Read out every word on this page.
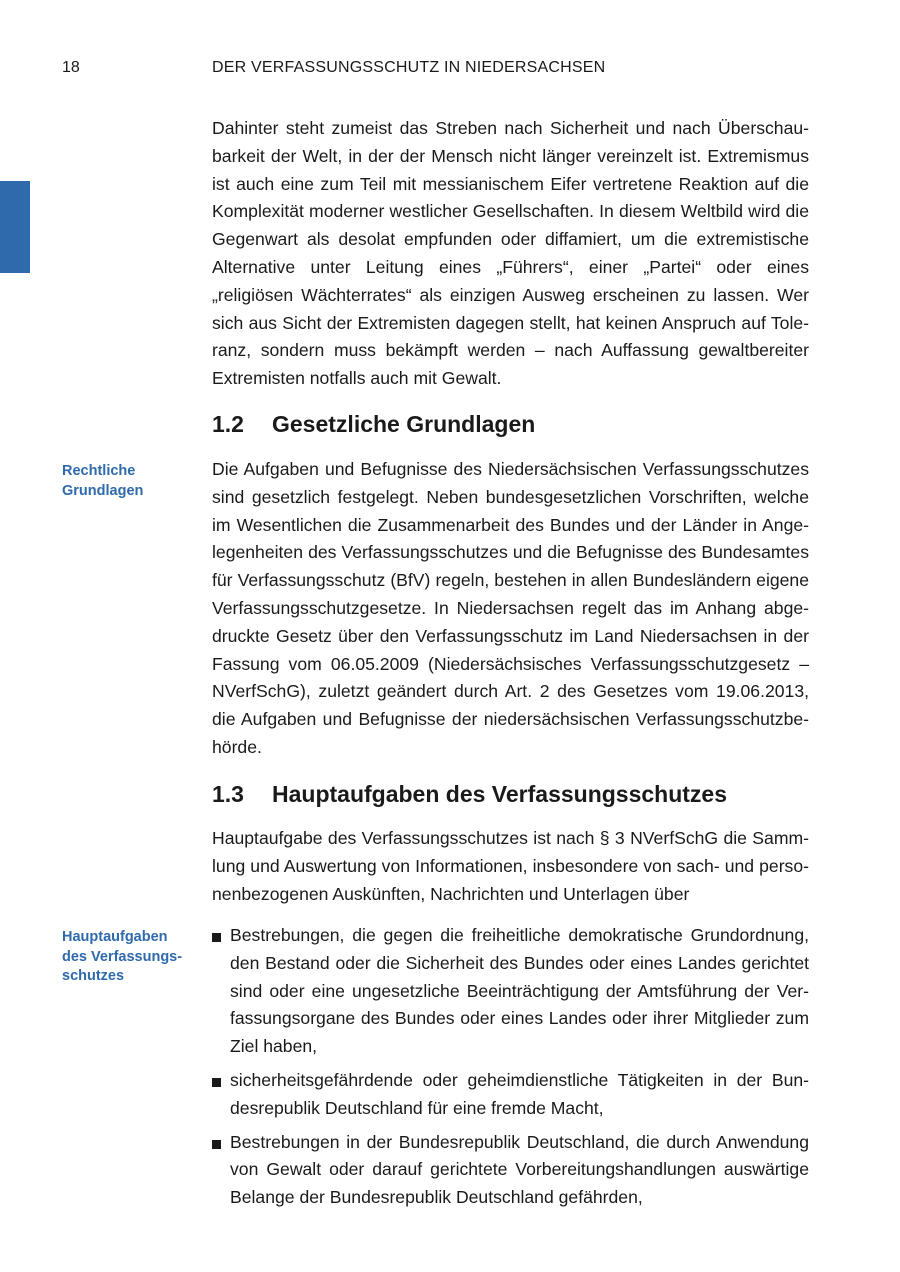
18	DER VERFASSUNGSSCHUTZ IN NIEDERSACHSEN

Dahinter steht zumeist das Streben nach Sicherheit und nach Überschaubarkeit der Welt, in der der Mensch nicht länger vereinzelt ist. Extremismus ist auch eine zum Teil mit messianischem Eifer vertretene Reaktion auf die Komplexität moderner westlicher Gesellschaften. In diesem Weltbild wird die Gegenwart als desolat empfunden oder diffamiert, um die extremistische Alternative unter Leitung eines „Führers“, einer „Partei“ oder eines „religiösen Wächterrates“ als einzigen Ausweg erscheinen zu lassen. Wer sich aus Sicht der Extremisten dagegen stellt, hat keinen Anspruch auf Toleranz, sondern muss bekämpft werden – nach Auffassung gewaltbereiter Extremisten notfalls auch mit Gewalt.

1.2	Gesetzliche Grundlagen
Rechtliche Grundlagen

Die Aufgaben und Befugnisse des Niedersächsischen Verfassungsschutzes sind gesetzlich festgelegt. Neben bundesgesetzlichen Vorschriften, welche im Wesentlichen die Zusammenarbeit des Bundes und der Länder in Angelegenheiten des Verfassungsschutzes und die Befugnisse des Bundesamtes für Verfassungsschutz (BfV) regeln, bestehen in allen Bundesländern eigene Verfassungsschutzgesetze. In Niedersachsen regelt das im Anhang abgedruckte Gesetz über den Verfassungsschutz im Land Niedersachsen in der Fassung vom 06.05.2009 (Niedersächsisches Verfassungsschutzgesetz – NVerfSchG), zuletzt geändert durch Art. 2 des Gesetzes vom 19.06.2013, die Aufgaben und Befugnisse der niedersächsischen Verfassungsschutzbehörde.

1.3	Hauptaufgaben des Verfassungsschutzes

Hauptaufgabe des Verfassungsschutzes ist nach § 3 NVerfSchG die Sammlung und Auswertung von Informationen, insbesondere von sach- und personenbezogenen Auskünften, Nachrichten und Unterlagen über

Hauptaufgaben des Verfassungs-schutzes
Bestrebungen, die gegen die freiheitliche demokratische Grundordnung, den Bestand oder die Sicherheit des Bundes oder eines Landes gerichtet sind oder eine ungesetzliche Beeinträchtigung der Amtsführung der Verfassungsorgane des Bundes oder eines Landes oder ihrer Mitglieder zum Ziel haben,
sicherheitsgefährdende oder geheimdienstliche Tätigkeiten in der Bundesrepublik Deutschland für eine fremde Macht,
Bestrebungen in der Bundesrepublik Deutschland, die durch Anwendung von Gewalt oder darauf gerichtete Vorbereitungshandlungen auswärtige Belange der Bundesrepublik Deutschland gefährden,
